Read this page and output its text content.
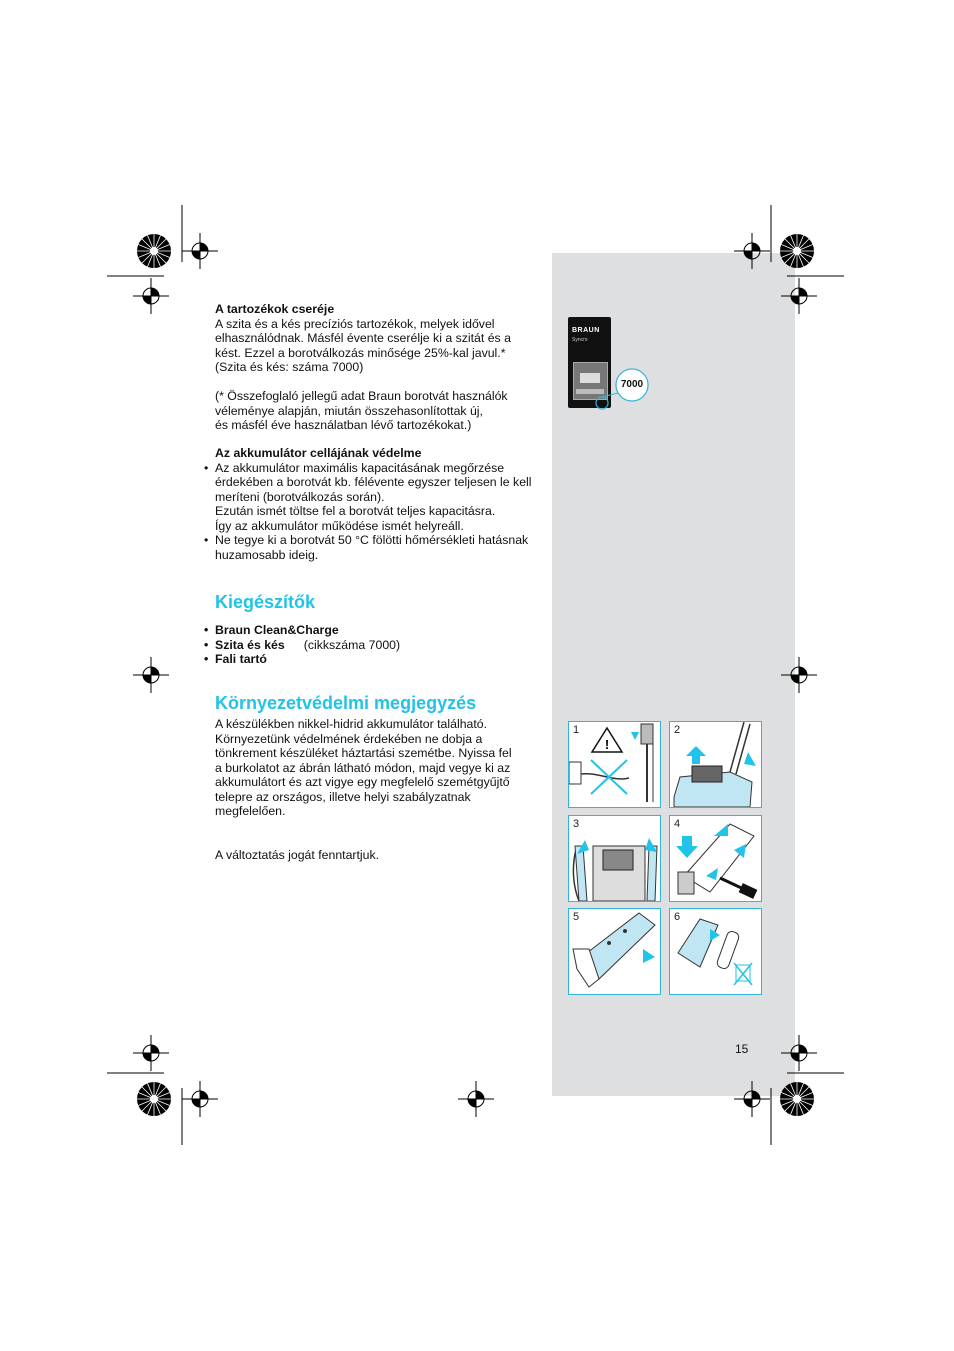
A tartozékok cseréje
A szita és a kés precíziós tartozékok, melyek idővel
elhasználódnak. Másfél évente cserélje ki a szitát és a
kést. Ezzel a borotválkozás minősége 25%-kal javul.*
(Szita és kés: száma 7000)
(* Összefoglaló jellegű adat Braun borotvát használók
véleménye alapján, miután összehasonlítottak új,
és másfél éve használatban lévő tartozékokat.)
Az akkumulátor cellájának védelme
• Az akkumulátor maximális kapacitásának megőrzése
érdekében a borotvát kb. félévente egyszer teljesen le kell
meríteni (borotválkozás során).
Ezután ismét töltse fel a borotvát teljes kapacitásra.
Így az akkumulátor működése ismét helyreáll.
• Ne tegye ki a borotvát 50 °C fölötti hőmérsékleti hatásnak
huzamosabb ideig.
Kiegészítők
• Braun Clean&Charge
• Szita és kés (cikkszáma 7000)
• Fali tartó
Környezetvédelmi megjegyzés
A készülékben nikkel-hidrid akkumulátor található.
Környezetünk védelmének érdekében ne dobja a
tönkrement készüléket háztartási szemétbe. Nyissa fel
a burkolatot az ábrán látható módon, majd vegye ki az
akkumulátort és azt vigye egy megfelelő szemétgyűjtő
telepre az országos, illetve helyi szabályzatnak
megfelelően.
A változtatás jogát fenntartjuk.
BRAUN
Syncro
7000
1
!
2
3	4
5	6
15
